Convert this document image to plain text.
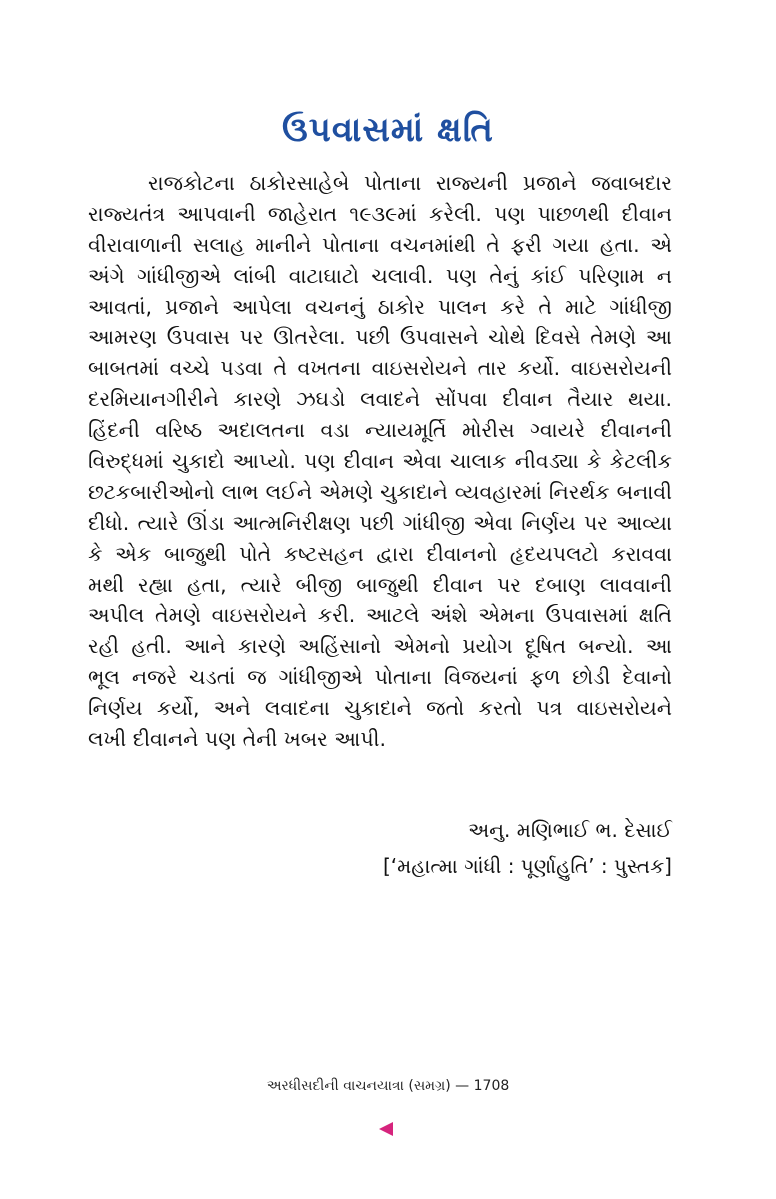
ઉપવાસમાં ક્ષતિ
રાજકોટના ઠાકોરસાહેબે પોતાના રાજ્યની પ્રજાને જવાબદાર
રાજ્યતંત્ર આપવાની જાહેરાત ૧૯૩૯માં કરેલી. પણ પાછળથી દીવાન
વીરાવાળાની સલાહ માનીને પોતાના વચનમાંથી તે ફરી ગયા હતા. એ
અંગે ગાંધીજીએ લાંબી વાટાઘાટો ચલાવી. પણ તેનું કાંઈ પરિણામ ન
આવતાં, પ્રજાને આપેલા વચનનું ઠાકોર પાલન કરે તે માટે ગાંધીજી
આમરણ ઉપવાસ પર ઊતરેલા. પછી ઉપવાસને ચોથે દિવસે તેમણે આ
બાબતમાં વચ્ચે પડવા તે વખતના વાઇસરોયને તાર કર્યો. વાઇસરોયની
દરમિયાનગીરીને કારણે ઝઘડો લવાદને સોંપવા દીવાન તૈયાર થયા.
હિંદની વરિષ્ઠ અદાલતના વડા ન્યાયમૂર્તિ મોરીસ ગ્વાયરે દીવાનની
વિરુદ્ધમાં ચુકાદો આપ્યો. પણ દીવાન એવા ચાલાક નીવડ્યા કે કેટલીક
છટકબારીઓનો લાભ લઈને એમણે ચુકાદાને વ્યવહારમાં નિરર્થક બનાવી
દીધો. ત્યારે ઊંડા આત્મનિરીક્ષણ પછી ગાંધીજી એવા નિર્ણય પર આવ્યા
કે એક બાજુથી પોતે કષ્ટસહન દ્વારા દીવાનનો હૃદયપલટો કરાવવા
મથી રહ્યા હતા, ત્યારે બીજી બાજુથી દીવાન પર દબાણ લાવવાની
અપીલ તેમણે વાઇસરોયને કરી. આટલે અંશે એમના ઉપવાસમાં ક્ષતિ
રહી હતી. આને કારણે અહિંસાનો એમનો પ્રયોગ દૂષિત બન્યો. આ
ભૂલ નજરે ચડતાં જ ગાંધીજીએ પોતાના વિજયનાં ફળ છોડી દેવાનો
નિર્ણય કર્યો, અને લવાદના ચુકાદાને જતો કરતો પત્ર વાઇસરોયને
લખી દીવાનને પણ તેની ખબર આપી.
અનુ. મણિભાઈ ભ. દેસાઈ
[‘મહાત્મા ગાંધી : પૂર્ણાહુતિ’ : પુસ્તક]
અરધીસદીની વાચનયાત્રા (સમગ્ર) — 1708
